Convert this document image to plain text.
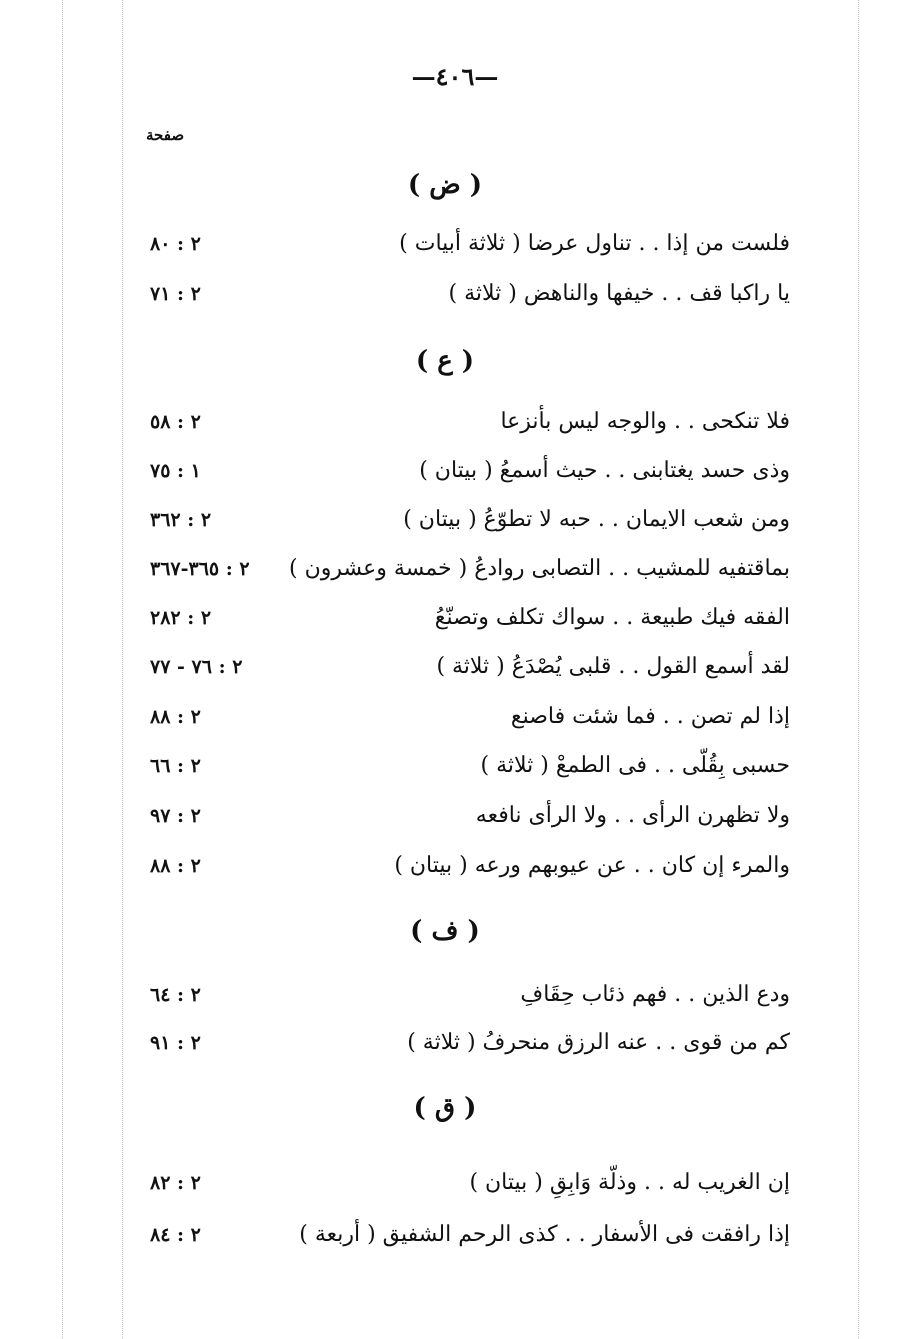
—٤٠٦—
صفحة
( ض )
فلست من إذا . . تناول عرضا ( ثلاثة أبيات )
٢ : ٨٠
يا راكبا قف . . خيفها والناهض ( ثلاثة )
٢ : ٧١
( ع )
فلا تنكحى . . والوجه ليس بأنزعا
٢ : ٥٨
وذى حسد يغتابنى . . حيث أسمعُ ( بيتان )
١ : ٧٥
ومن شعب الايمان . . حبه لا تطوّعُ ( بيتان )
٢ : ٣٦٢
بماقتفيه للمشيب . . التصابى روادعُ ( خمسة وعشرون )
٢ : ٣٦٥-٣٦٧
الفقه فيك طبيعة . . سواك تكلف وتصنّعُ
٢ : ٢٨٢
لقد أسمع القول . . قلبى يُصْدَعُ ( ثلاثة )
٢ : ٧٦ - ٧٧
إذا لم تصن . . فما شئت فاصنع
٢ : ٨٨
حسبى بِقُلّى . . فى الطمعْ ( ثلاثة )
٢ : ٦٦
ولا تظهرن الرأى . . ولا الرأى نافعه
٢ : ٩٧
والمرء إن كان . . عن عيوبهم ورعه ( بيتان )
٢ : ٨٨
( ف )
ودع الذين . . فهم ذئاب حِقَافِ
٢ : ٦٤
كم من قوى . . عنه الرزق منحرفُ ( ثلاثة )
٢ : ٩١
( ق )
إن الغريب له . . وذلّة وَابِقِ ( بيتان )
٢ : ٨٢
إذا رافقت فى الأسفار . . كذى الرحم الشفيق ( أربعة )
٢ : ٨٤
